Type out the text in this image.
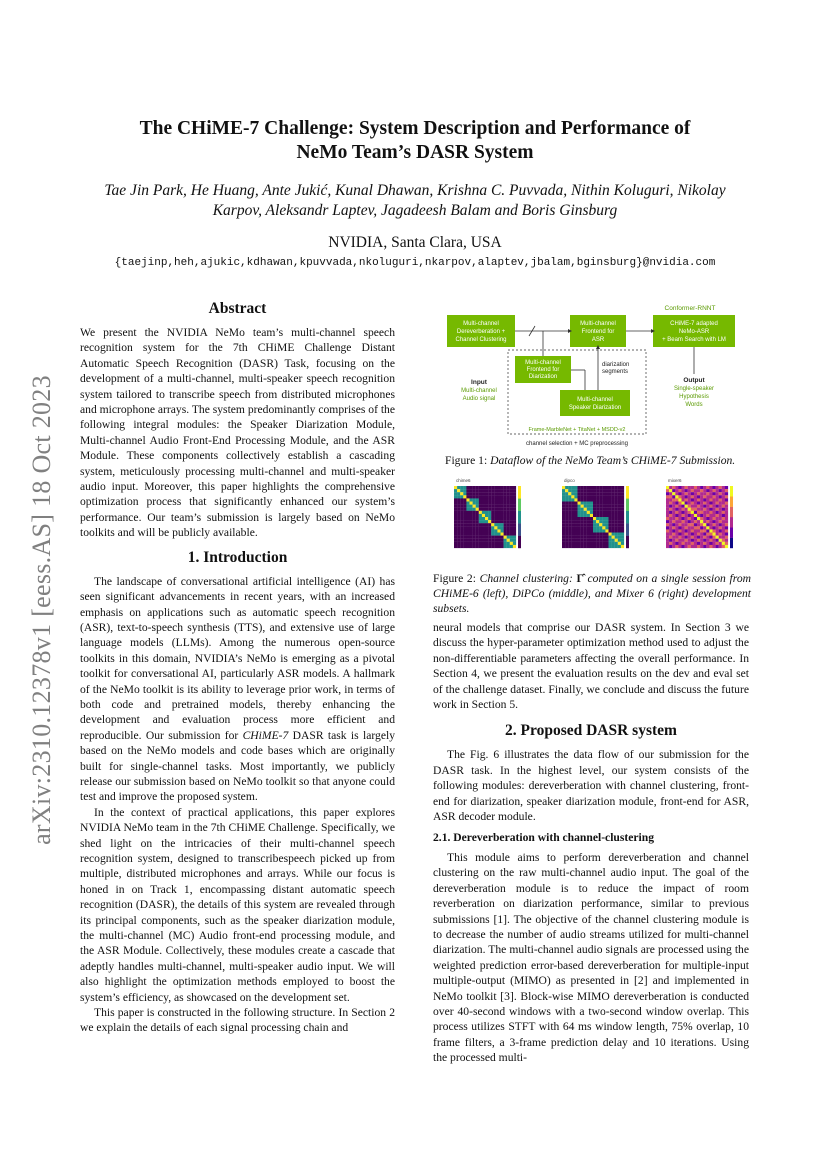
arXiv:2310.12378v1 [eess.AS] 18 Oct 2023
The CHiME-7 Challenge: System Description and Performance of
NeMo Team’s DASR System
Tae Jin Park, He Huang, Ante Jukić, Kunal Dhawan, Krishna C. Puvvada, Nithin Koluguri, Nikolay
Karpov, Aleksandr Laptev, Jagadeesh Balam and Boris Ginsburg
NVIDIA, Santa Clara, USA
{taejinp,heh,ajukic,kdhawan,kpuvvada,nkoluguri,nkarpov,alaptev,jbalam,bginsburg}@nvidia.com
Abstract

We present the NVIDIA NeMo team’s multi-channel speech recognition system for the 7th CHiME Challenge Distant Automatic Speech Recognition (DASR) Task, focusing on the development of a multi-channel, multi-speaker speech recognition system tailored to transcribe speech from distributed microphones and microphone arrays. The system predominantly comprises of the following integral modules: the Speaker Diarization Module, Multi-channel Audio Front-End Processing Module, and the ASR Module. These components collectively establish a cascading system, meticulously processing multi-channel and multi-speaker audio input. Moreover, this paper highlights the comprehensive optimization process that significantly enhanced our system’s performance. Our team’s submission is largely based on NeMo toolkits and will be publicly available.

1. Introduction

The landscape of conversational artificial intelligence (AI) has seen significant advancements in recent years, with an increased emphasis on applications such as automatic speech recognition (ASR), text-to-speech synthesis (TTS), and extensive use of large language models (LLMs). Among the numerous open-source toolkits in this domain, NVIDIA’s NeMo is emerging as a pivotal toolkit for conversational AI, particularly ASR models. A hallmark of the NeMo toolkit is its ability to leverage prior work, in terms of both code and pretrained models, thereby enhancing the development and evaluation process more efficient and reproducible. Our submission for CHiME-7 DASR task is largely based on the NeMo models and code bases which are originally built for single-channel tasks. Most importantly, we publicly release our submission based on NeMo toolkit so that anyone could test and improve the proposed system.

In the context of practical applications, this paper explores NVIDIA NeMo team in the 7th CHiME Challenge. Specifically, we shed light on the intricacies of their multi-channel speech recognition system, designed to transcribespeech picked up from multiple, distributed microphones and arrays. While our focus is honed in on Track 1, encompassing distant automatic speech recognition (DASR), the details of this system are revealed through its principal components, such as the speaker diarization module, the multi-channel (MC) Audio front-end processing module, and the ASR Module. Collectively, these modules create a cascade that adeptly handles multi-channel, multi-speaker audio input. We will also highlight the optimization methods employed to boost the system’s efficiency, as showcased on the development set.

This paper is constructed in the following structure. In Section 2 we explain the details of each signal processing chain and

Conformer-RNNT
Multi-channel Dereverberation + Channel Clustering
Multi-channel Frontend for ASR
CHiME-7 adapted NeMo-ASR + Beam Search with LM
Multi-channel Frontend for Diarization
Multi-channel Speaker Diarization
diarization segments
Input
Multi-channel Audio signal
Output
Single-speaker Hypothesis Words
Frame-MarbleNet + TitaNet + MSDD-v2
channel selection + MC preprocessing
Figure 1: Dataflow of the NeMo Team’s CHiME-7 Submission.
chime6	dipco	mixer6
Figure 2: Channel clustering: Γ̂ computed on a single session from CHiME-6 (left), DiPCo (middle), and Mixer 6 (right) development subsets.

neural models that comprise our DASR system. In Section 3 we discuss the hyper-parameter optimization method used to adjust the non-differentiable parameters affecting the overall performance. In Section 4, we present the evaluation results on the dev and eval set of the challenge dataset. Finally, we conclude and discuss the future work in Section 5.

2. Proposed DASR system

The Fig. 6 illustrates the data flow of our submission for the DASR task. In the highest level, our system consists of the following modules: dereverberation with channel clustering, front-end for diarization, speaker diarization module, front-end for ASR, ASR decoder module.

2.1. Dereverberation with channel-clustering

This module aims to perform dereverberation and channel clustering on the raw multi-channel audio input. The goal of the dereverberation module is to reduce the impact of room reverberation on diarization performance, similar to previous submissions [1]. The objective of the channel clustering module is to decrease the number of audio streams utilized for multi-channel diarization. The multi-channel audio signals are processed using the weighted prediction error-based dereverberation for multiple-input multiple-output (MIMO) as presented in [2] and implemented in NeMo toolkit [3]. Block-wise MIMO dereverberation is conducted over 40-second windows with a two-second window overlap. This process utilizes STFT with 64 ms window length, 75% overlap, 10 frame filters, a 3-frame prediction delay and 10 iterations. Using the processed multi-
